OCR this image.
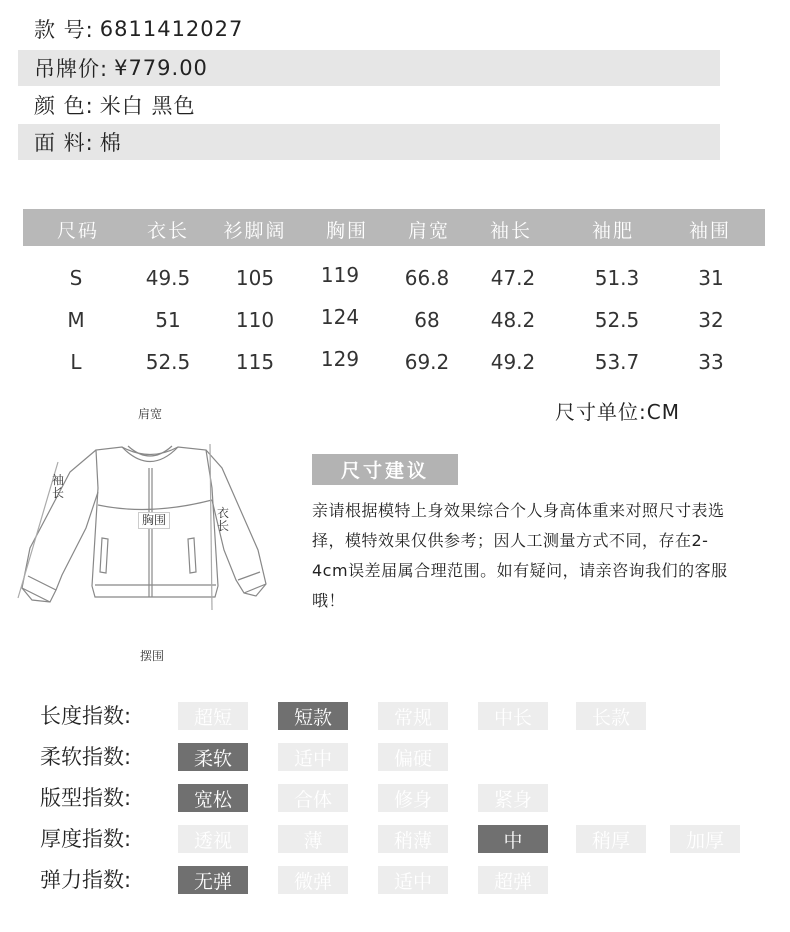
款 号: 6811412027
吊牌价: ¥779.00
颜 色: 米白 黑色
面 料: 棉
尺码	衣长 衫脚阔 胸围 肩宽 袖长	袖肥	袖围
S	49.5 105 119 66.8 47.2	51.3	31
M	51	110 124	68	48.2	52.5	32
L	52.5 115 129 69.2 49.2	53.7	33
尺寸单位:CM
肩宽
袖
长
衣
长
胸围
摆围
尺寸建议
亲请根据模特上身效果综合个人身高体重来对照尺寸表选择，模特效果仅供参考；因人工测量方式不同，存在2-4cm误差届属合理范围。如有疑问，请亲咨询我们的客服哦！
长度指数:	超短	短款	常规	中长	长款
柔软指数:	柔软	适中	偏硬
版型指数:	宽松	合体	修身	紧身
厚度指数:	透视	薄	稍薄	中	稍厚	加厚
弹力指数:	无弹	微弹	适中	超弹
